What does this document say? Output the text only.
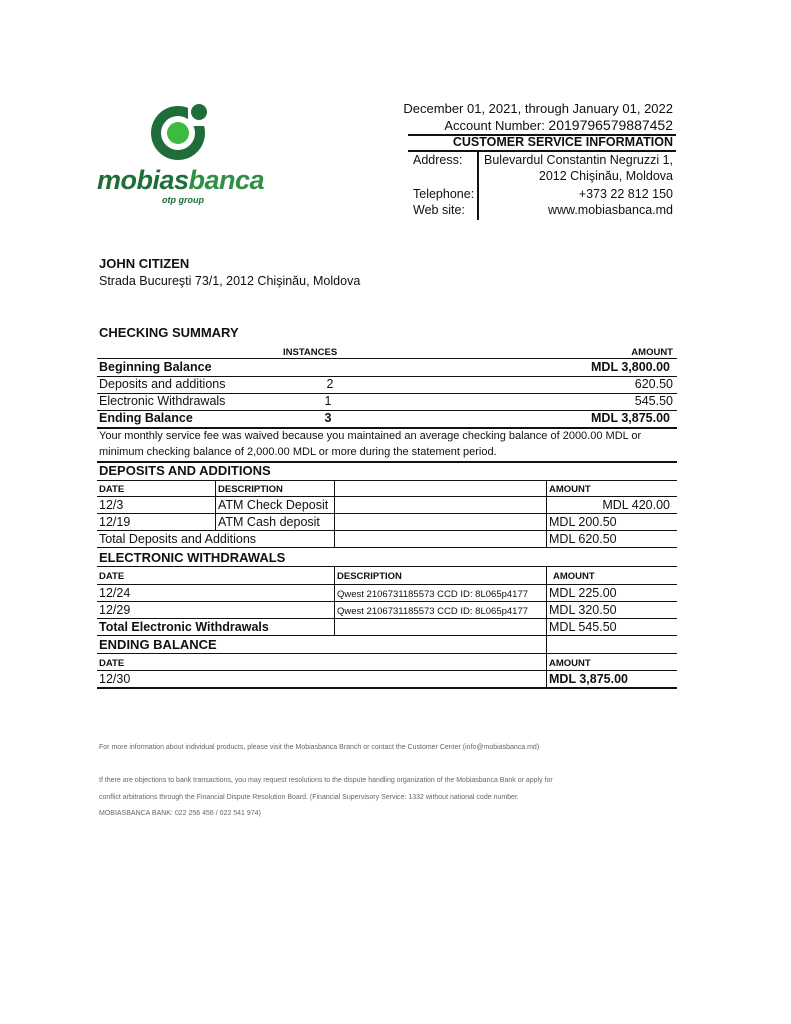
mobiasbanca
otp group
December 01, 2021, through January 01, 2022
Account Number: 2019796579887452
CUSTOMER SERVICE INFORMATION
Address:	Bulevardul Constantin Negruzzi 1,
2012 Chişinău, Moldova
Telephone:	+373 22 812 150
Web site:	www.mobiasbanca.md
JOHN CITIZEN
Strada Bucureşti 73/1, 2012 Chişinău, Moldova
CHECKING SUMMARY
INSTANCES	AMOUNT
Beginning Balance	MDL 3,800.00
Deposits and additions	2	620.50
Electronic Withdrawals	1	545.50
Ending Balance	3	MDL 3,875.00
Your monthly service fee was waived because you maintained an average checking balance of 2000.00 MDL or
minimum checking balance of 2,000.00 MDL or more during the statement period.
DEPOSITS AND ADDITIONS
DATE	DESCRIPTION	AMOUNT
12/3	ATM Check Deposit	MDL 420.00
12/19	ATM Cash deposit	MDL 200.50
Total Deposits and Additions	MDL 620.50
ELECTRONIC WITHDRAWALS
DATE	DESCRIPTION	AMOUNT
12/24	Qwest 2106731185573 CCD ID: 8L065p4177 MDL 225.00
12/29	Qwest 2106731185573 CCD ID: 8L065p4177 MDL 320.50
Total Electronic Withdrawals	MDL 545.50
ENDING BALANCE
DATE	AMOUNT
12/30	MDL 3,875.00
For more information about individual products, please visit the Mobiasbanca Branch or contact the Customer Center (info@mobiasbanca.md)
If there are objections to bank transactions, you may request resolutions to the dispute handling organization of the Mobiasbanca Bank or apply for
conflict arbitrations through the Financial Dispute Resolution Board. (Financial Supervisory Service: 1332 without national code number.
MOBIASBANCA BANK: 022 256 456 / 022 541 974)
